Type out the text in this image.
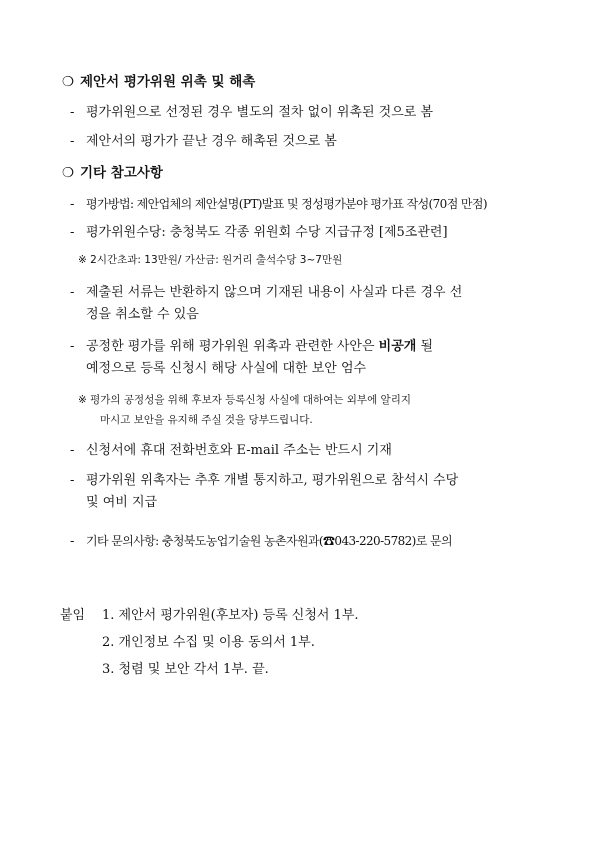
❍ 제안서 평가위원 위촉 및 해촉
- 평가위원으로 선정된 경우 별도의 절차 없이 위촉된 것으로 봄
- 제안서의 평가가 끝난 경우 해촉된 것으로 봄
❍ 기타 참고사항
- 평가방법: 제안업체의 제안설명(PT)발표 및 정성평가분야 평가표 작성(70점 만점)
- 평가위원수당: 충청북도 각종 위원회 수당 지급규정 [제5조관련]
※ 2시간초과: 13만원/ 가산금: 원거리 출석수당 3~7만원
- 제출된 서류는 반환하지 않으며 기재된 내용이 사실과 다른 경우 선
정을 취소할 수 있음
- 공정한 평가를 위해 평가위원 위촉과 관련한 사안은 비공개 될
예정으로 등록 신청시 해당 사실에 대한 보안 엄수
※ 평가의 공정성을 위해 후보자 등록신청 사실에 대하여는 외부에 알리지
마시고 보안을 유지해 주실 것을 당부드립니다.
- 신청서에 휴대 전화번호와 E-mail 주소는 반드시 기재
- 평가위원 위촉자는 추후 개별 통지하고, 평가위원으로 참석시 수당
및 여비 지급
- 기타 문의사항: 충청북도농업기술원 농촌자원과(☎043-220-5782)로 문의
붙임 1. 제안서 평가위원(후보자) 등록 신청서 1부.
2. 개인정보 수집 및 이용 동의서 1부.
3. 청렴 및 보안 각서 1부. 끝.
